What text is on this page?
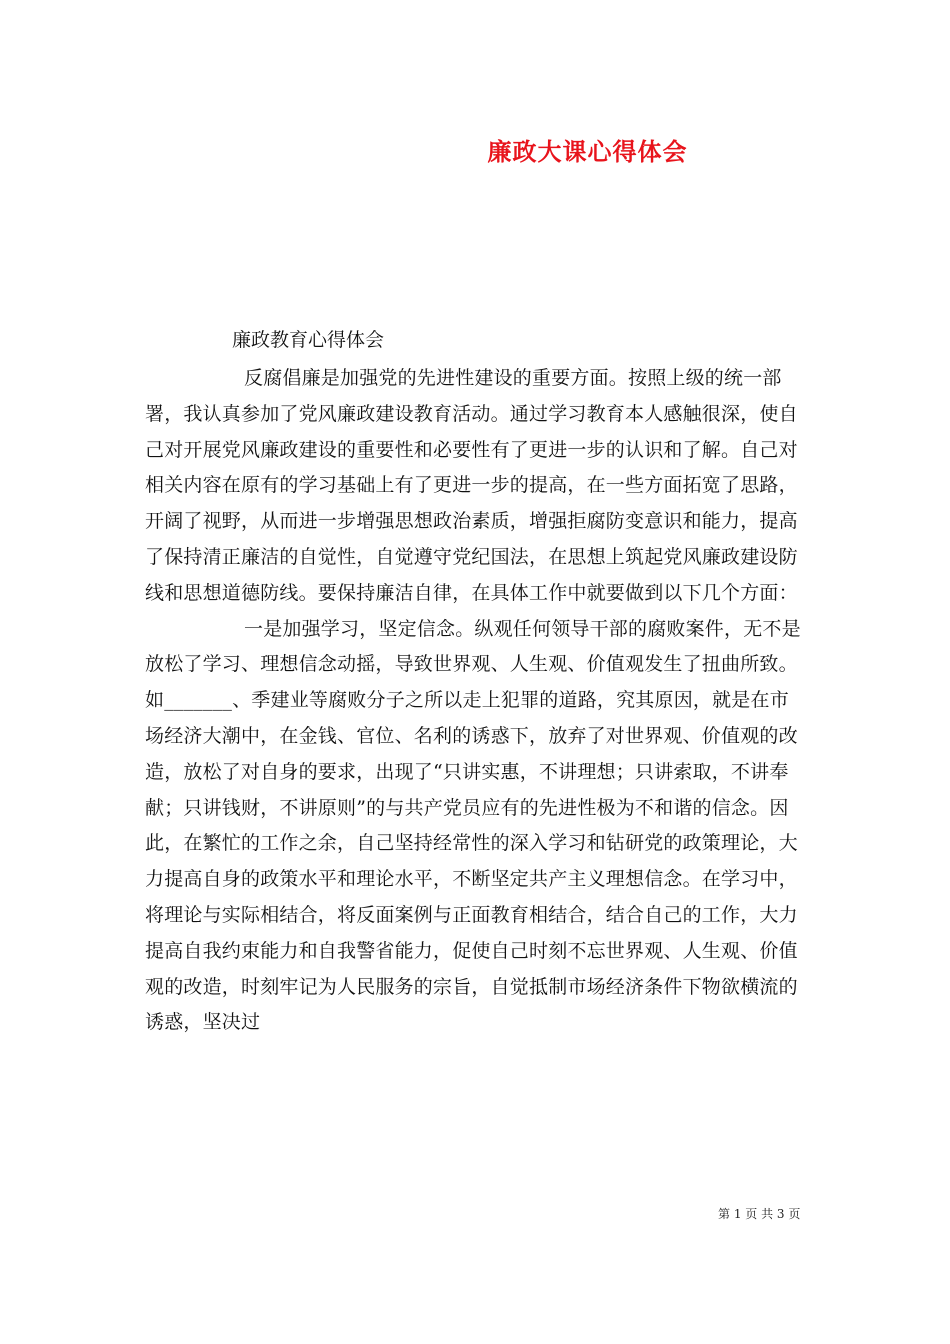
廉政大课心得体会
廉政教育心得体会

反腐倡廉是加强党的先进性建设的重要方面。按照上级的统一部署，我认真参加了党风廉政建设教育活动。通过学习教育本人感触很深，使自己对开展党风廉政建设的重要性和必要性有了更进一步的认识和了解。自己对相关内容在原有的学习基础上有了更进一步的提高，在一些方面拓宽了思路，开阔了视野，从而进一步增强思想政治素质，增强拒腐防变意识和能力，提高了保持清正廉洁的自觉性，自觉遵守党纪国法，在思想上筑起党风廉政建设防线和思想道德防线。要保持廉洁自律，在具体工作中就要做到以下几个方面：

一是加强学习，坚定信念。纵观任何领导干部的腐败案件，无不是放松了学习、理想信念动摇，导致世界观、人生观、价值观发生了扭曲所致。如_______、季建业等腐败分子之所以走上犯罪的道路，究其原因，就是在市场经济大潮中，在金钱、官位、名利的诱惑下，放弃了对世界观、价值观的改造，放松了对自身的要求，出现了“只讲实惠，不讲理想；只讲索取，不讲奉献；只讲钱财，不讲原则”的与共产党员应有的先进性极为不和谐的信念。因此，在繁忙的工作之余，自己坚持经常性的深入学习和钻研党的政策理论，大力提高自身的政策水平和理论水平，不断坚定共产主义理想信念。在学习中，将理论与实际相结合，将反面案例与正面教育相结合，结合自己的工作，大力提高自我约束能力和自我警省能力，促使自己时刻不忘世界观、人生观、价值观的改造，时刻牢记为人民服务的宗旨，自觉抵制市场经济条件下物欲横流的诱惑，坚决过

第 1 页 共 3 页
